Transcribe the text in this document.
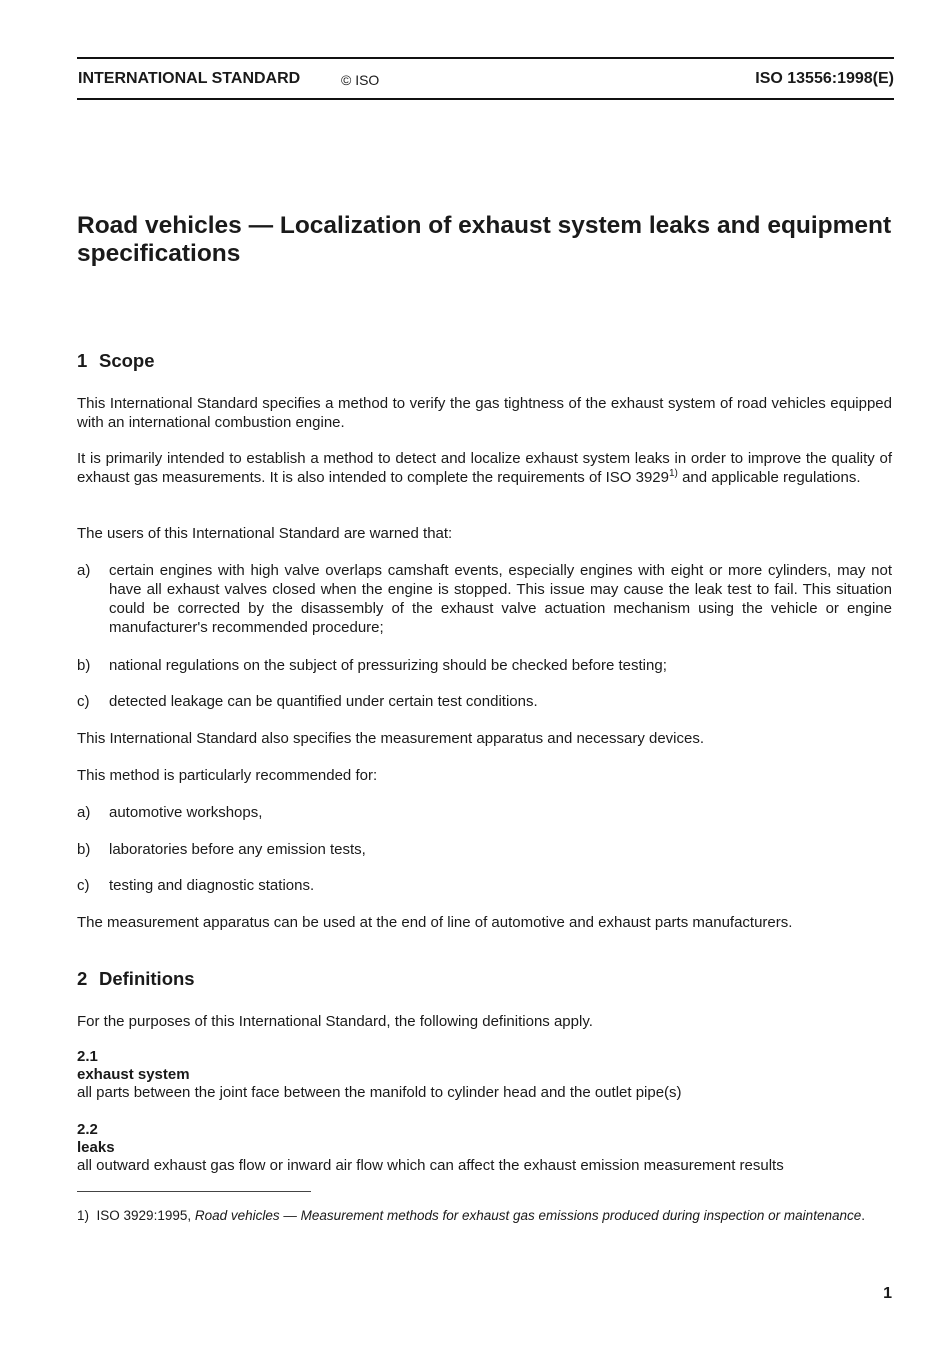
INTERNATIONAL STANDARD	© ISO	ISO 13556:1998(E)
Road vehicles — Localization of exhaust system leaks and equipment specifications
1 Scope
This International Standard specifies a method to verify the gas tightness of the exhaust system of road vehicles equipped with an international combustion engine.
It is primarily intended to establish a method to detect and localize exhaust system leaks in order to improve the quality of exhaust gas measurements. It is also intended to complete the requirements of ISO 3929$^{1)}$ and applicable regulations.
The users of this International Standard are warned that:
a) certain engines with high valve overlaps camshaft events, especially engines with eight or more cylinders, may not have all exhaust valves closed when the engine is stopped. This issue may cause the leak test to fail. This situation could be corrected by the disassembly of the exhaust valve actuation mechanism using the vehicle or engine manufacturer's recommended procedure;
b) national regulations on the subject of pressurizing should be checked before testing;
c) detected leakage can be quantified under certain test conditions.
This International Standard also specifies the measurement apparatus and necessary devices.
This method is particularly recommended for:
a) automotive workshops,
b) laboratories before any emission tests,
c) testing and diagnostic stations.
The measurement apparatus can be used at the end of line of automotive and exhaust parts manufacturers.
2 Definitions
For the purposes of this International Standard, the following definitions apply.
2.1
exhaust system
all parts between the joint face between the manifold to cylinder head and the outlet pipe(s)
2.2
leaks
all outward exhaust gas flow or inward air flow which can affect the exhaust emission measurement results
1) ISO 3929:1995, Road vehicles — Measurement methods for exhaust gas emissions produced during inspection or maintenance.
1
